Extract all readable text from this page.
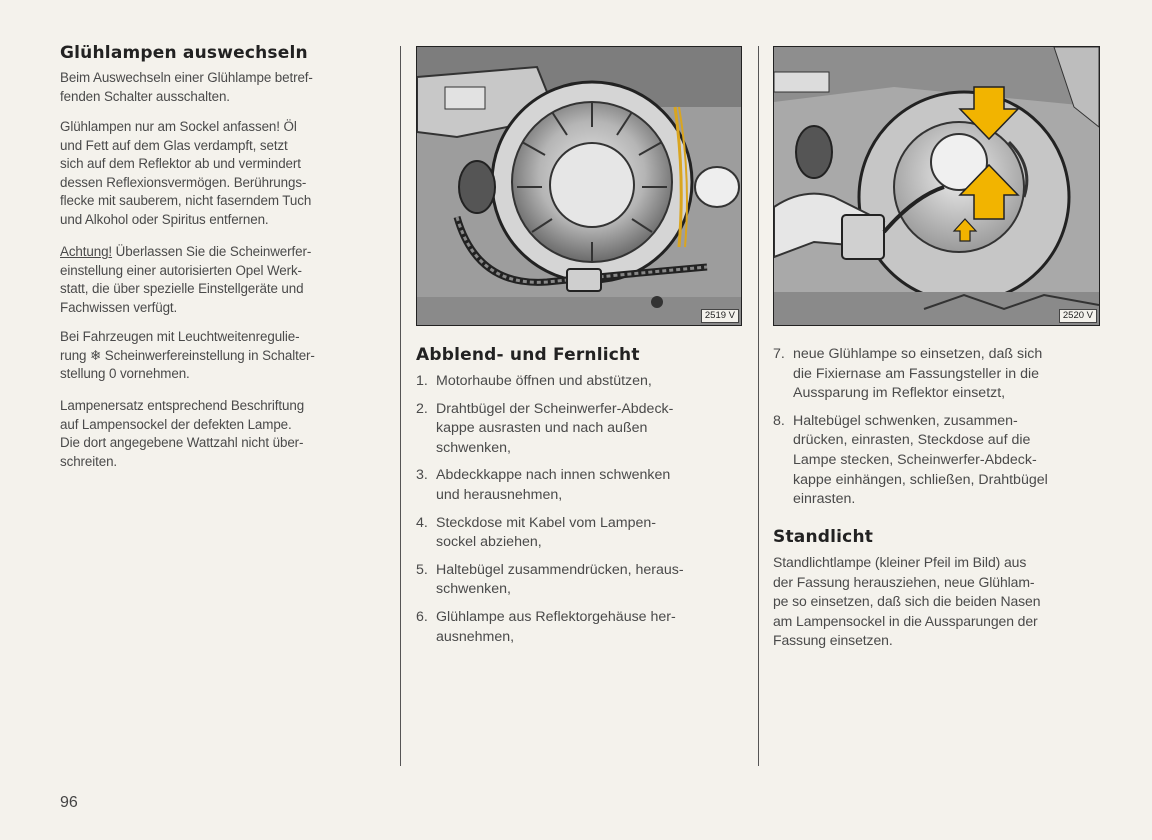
Glühlampen auswechseln

Beim Auswechseln einer Glühlampe betref-

fenden Schalter ausschalten.

Glühlampen nur am Sockel anfassen! Öl

und Fett auf dem Glas verdampft, setzt

sich auf dem Reflektor ab und vermindert

dessen Reflexionsvermögen. Berührungs-

flecke mit sauberem, nicht faserndem Tuch

und Alkohol oder Spiritus entfernen.

Achtung! Überlassen Sie die Scheinwerfer-

einstellung einer autorisierten Opel Werk-

statt, die über spezielle Einstellgeräte und

Fachwissen verfügt.

Bei Fahrzeugen mit Leuchtweitenregulie-

rung ❄ Scheinwerfereinstellung in Schalter-

stellung 0 vornehmen.

Lampenersatz entsprechend Beschriftung

auf Lampensockel der defekten Lampe.

Die dort angegebene Wattzahl nicht über-

schreiten.

2519 V
Abblend- und Fernlicht
1. Motorhaube öffnen und abstützen,
2. Drahtbügel der Scheinwerfer-Abdeck-
kappe ausrasten und nach außen
schwenken,
3. Abdeckkappe nach innen schwenken
und herausnehmen,
4. Steckdose mit Kabel vom Lampen-
sockel abziehen,
5. Haltebügel zusammendrücken, heraus-
schwenken,
6. Glühlampe aus Reflektorgehäuse her-
ausnehmen,
2520 V
7. neue Glühlampe so einsetzen, daß sich
die Fixiernase am Fassungsteller in die
Aussparung im Reflektor einsetzt,
8. Haltebügel schwenken, zusammen-
drücken, einrasten, Steckdose auf die
Lampe stecken, Scheinwerfer-Abdeck-
kappe einhängen, schließen, Drahtbügel
einrasten.
Standlicht

Standlichtlampe (kleiner Pfeil im Bild) aus

der Fassung herausziehen, neue Glühlam-

pe so einsetzen, daß sich die beiden Nasen

am Lampensockel in die Aussparungen der

Fassung einsetzen.

96
